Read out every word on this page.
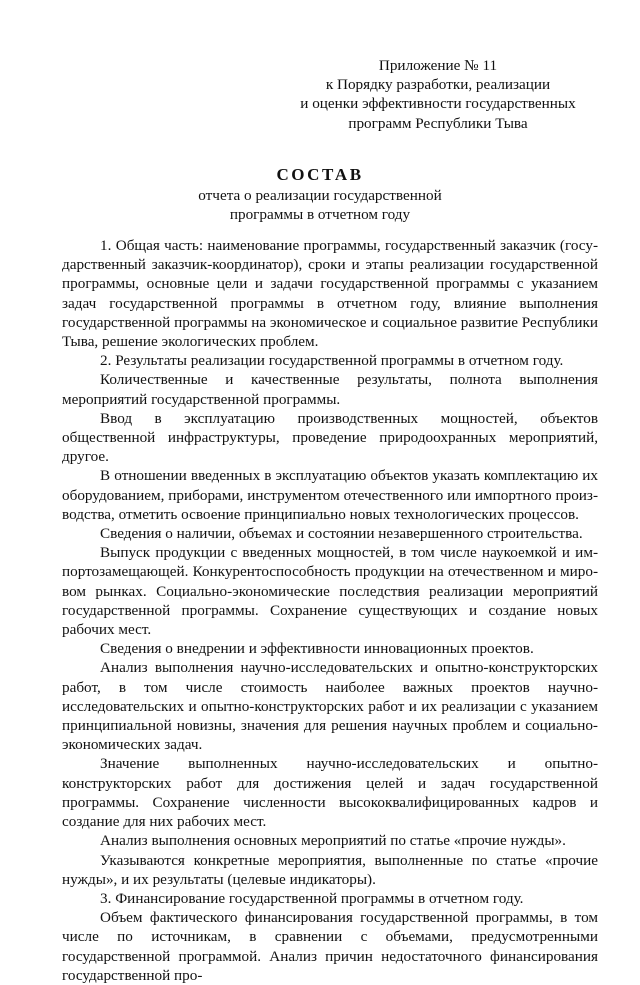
Приложение № 11
к Порядку разработки, реализации
и оценки эффективности государственных
программ Республики Тыва
СОСТАВ
отчета о реализации государственной
программы в отчетном году

1. Общая часть: наименование программы, государственный заказчик (государственный заказчик-координатор), сроки и этапы реализации государственной программы, основные цели и задачи государственной программы с указанием задач государственной программы в отчетном году, влияние выполнения государственной программы на экономическое и социальное развитие Республики Тыва, решение экологических проблем.

2. Результаты реализации государственной программы в отчетном году.

Количественные и качественные результаты, полнота выполнения мероприятий государственной программы.

Ввод в эксплуатацию производственных мощностей, объектов общественной инфраструктуры, проведение природоохранных мероприятий, другое.

В отношении введенных в эксплуатацию объектов указать комплектацию их оборудованием, приборами, инструментом отечественного или импортного производства, отметить освоение принципиально новых технологических процессов.

Сведения о наличии, объемах и состоянии незавершенного строительства.

Выпуск продукции с введенных мощностей, в том числе наукоемкой и импортозамещающей. Конкурентоспособность продукции на отечественном и мировом рынках. Социально-экономические последствия реализации мероприятий государственной программы. Сохранение существующих и создание новых рабочих мест.

Сведения о внедрении и эффективности инновационных проектов.

Анализ выполнения научно-исследовательских и опытно-конструкторских работ, в том числе стоимость наиболее важных проектов научно-исследовательских и опытно-конструкторских работ и их реализации с указанием принципиальной новизны, значения для решения научных проблем и социально-экономических задач.

Значение выполненных научно-исследовательских и опытно-конструкторских работ для достижения целей и задач государственной программы. Сохранение численности высококвалифицированных кадров и создание для них рабочих мест.

Анализ выполнения основных мероприятий по статье «прочие нужды».

Указываются конкретные мероприятия, выполненные по статье «прочие нужды», и их результаты (целевые индикаторы).

3. Финансирование государственной программы в отчетном году.

Объем фактического финансирования государственной программы, в том числе по источникам, в сравнении с объемами, предусмотренными государственной программой. Анализ причин недостаточного финансирования государственной про-
